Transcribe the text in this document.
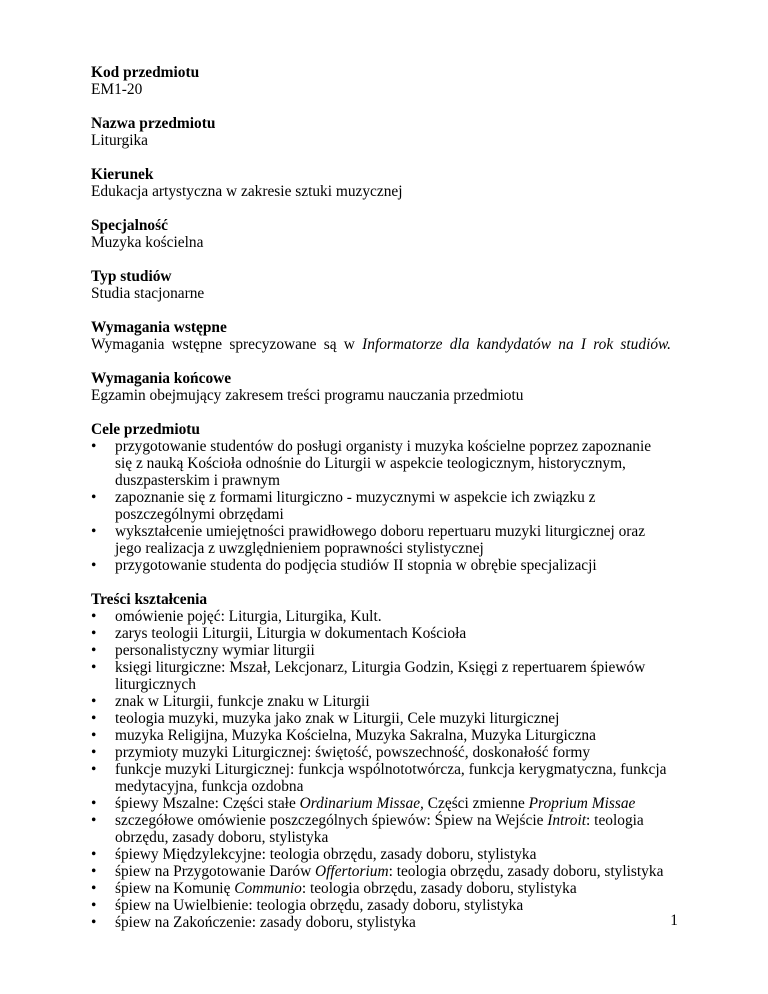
Kod przedmiotu
EM1-20
Nazwa przedmiotu
Liturgika
Kierunek
Edukacja artystyczna w zakresie sztuki muzycznej
Specjalność
Muzyka kościelna
Typ studiów
Studia stacjonarne
Wymagania wstępne
Wymagania wstępne sprecyzowane są w Informatorze dla kandydatów na I rok studiów.
Wymagania końcowe
Egzamin obejmujący zakresem treści programu nauczania przedmiotu
Cele przedmiotu
•
przygotowanie studentów do posługi organisty i muzyka kościelne poprzez zapoznanie się z nauką Kościoła odnośnie do Liturgii w aspekcie teologicznym, historycznym, duszpasterskim i prawnym
•
zapoznanie się z formami liturgiczno - muzycznymi w aspekcie ich związku z poszczególnymi obrzędami
•
wykształcenie umiejętności prawidłowego doboru repertuaru muzyki liturgicznej oraz jego realizacja z uwzględnieniem poprawności stylistycznej
•
przygotowanie studenta do podjęcia studiów II stopnia w obrębie specjalizacji
Treści kształcenia
•
omówienie pojęć: Liturgia, Liturgika, Kult.
•
zarys teologii Liturgii, Liturgia w dokumentach Kościoła
•
personalistyczny wymiar liturgii
•
księgi liturgiczne: Mszał, Lekcjonarz, Liturgia Godzin, Księgi z repertuarem śpiewów liturgicznych
•
znak w Liturgii, funkcje znaku w Liturgii
•
teologia muzyki, muzyka jako znak w Liturgii, Cele muzyki liturgicznej
•
muzyka Religijna, Muzyka Kościelna, Muzyka Sakralna, Muzyka Liturgiczna
•
przymioty muzyki Liturgicznej: świętość, powszechność, doskonałość formy
•
funkcje muzyki Liturgicznej: funkcja wspólnototwórcza, funkcja kerygmatyczna, funkcja medytacyjna, funkcja ozdobna
•
śpiewy Mszalne: Części stałe Ordinarium Missae, Części zmienne Proprium Missae
•
szczegółowe omówienie poszczególnych śpiewów: Śpiew na Wejście Introit: teologia obrzędu, zasady doboru, stylistyka
•
śpiewy Międzylekcyjne: teologia obrzędu, zasady doboru, stylistyka
•
śpiew na Przygotowanie Darów Offertorium: teologia obrzędu, zasady doboru, stylistyka
•
śpiew na Komunię Communio: teologia obrzędu, zasady doboru, stylistyka
•
śpiew na Uwielbienie: teologia obrzędu, zasady doboru, stylistyka
•
śpiew na Zakończenie: zasady doboru, stylistyka	1
